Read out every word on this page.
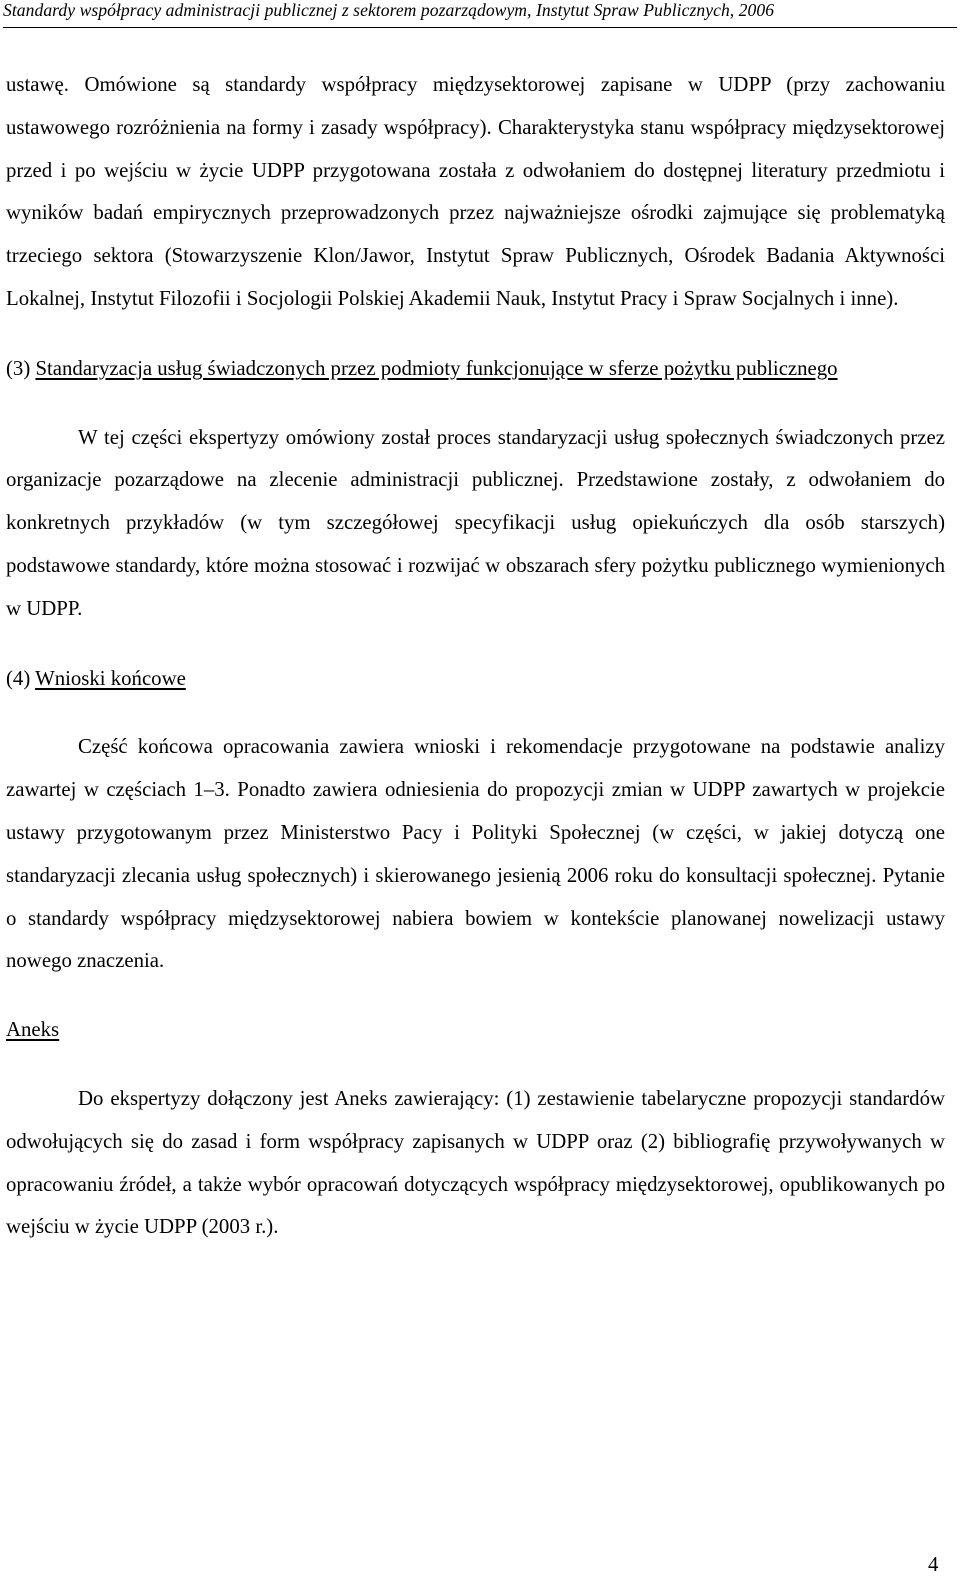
Standardy współpracy administracji publicznej z sektorem pozarządowym, Instytut Spraw Publicznych, 2006

ustawę. Omówione są standardy współpracy międzysektorowej zapisane w UDPP (przy zachowaniu ustawowego rozróżnienia na formy i zasady współpracy). Charakterystyka stanu współpracy międzysektorowej przed i po wejściu w życie UDPP przygotowana została z odwołaniem do dostępnej literatury przedmiotu i wyników badań empirycznych przeprowadzonych przez najważniejsze ośrodki zajmujące się problematyką trzeciego sektora (Stowarzyszenie Klon/Jawor, Instytut Spraw Publicznych, Ośrodek Badania Aktywności Lokalnej, Instytut Filozofii i Socjologii Polskiej Akademii Nauk, Instytut Pracy i Spraw Socjalnych i inne).

(3) Standaryzacja usług świadczonych przez podmioty funkcjonujące w sferze pożytku publicznego

W tej części ekspertyzy omówiony został proces standaryzacji usług społecznych świadczonych przez organizacje pozarządowe na zlecenie administracji publicznej. Przedstawione zostały, z odwołaniem do konkretnych przykładów (w tym szczegółowej specyfikacji usług opiekuńczych dla osób starszych) podstawowe standardy, które można stosować i rozwijać w obszarach sfery pożytku publicznego wymienionych w UDPP.

(4) Wnioski końcowe

Część końcowa opracowania zawiera wnioski i rekomendacje przygotowane na podstawie analizy zawartej w częściach 1–3. Ponadto zawiera odniesienia do propozycji zmian w UDPP zawartych w projekcie ustawy przygotowanym przez Ministerstwo Pacy i Polityki Społecznej (w części, w jakiej dotyczą one standaryzacji zlecania usług społecznych) i skierowanego jesienią 2006 roku do konsultacji społecznej. Pytanie o standardy współpracy międzysektorowej nabiera bowiem w kontekście planowanej nowelizacji ustawy nowego znaczenia.

Aneks

Do ekspertyzy dołączony jest Aneks zawierający: (1) zestawienie tabelaryczne propozycji standardów odwołujących się do zasad i form współpracy zapisanych w UDPP oraz (2) bibliografię przywoływanych w opracowaniu źródeł, a także wybór opracowań dotyczących współpracy międzysektorowej, opublikowanych po wejściu w życie UDPP (2003 r.).

4
